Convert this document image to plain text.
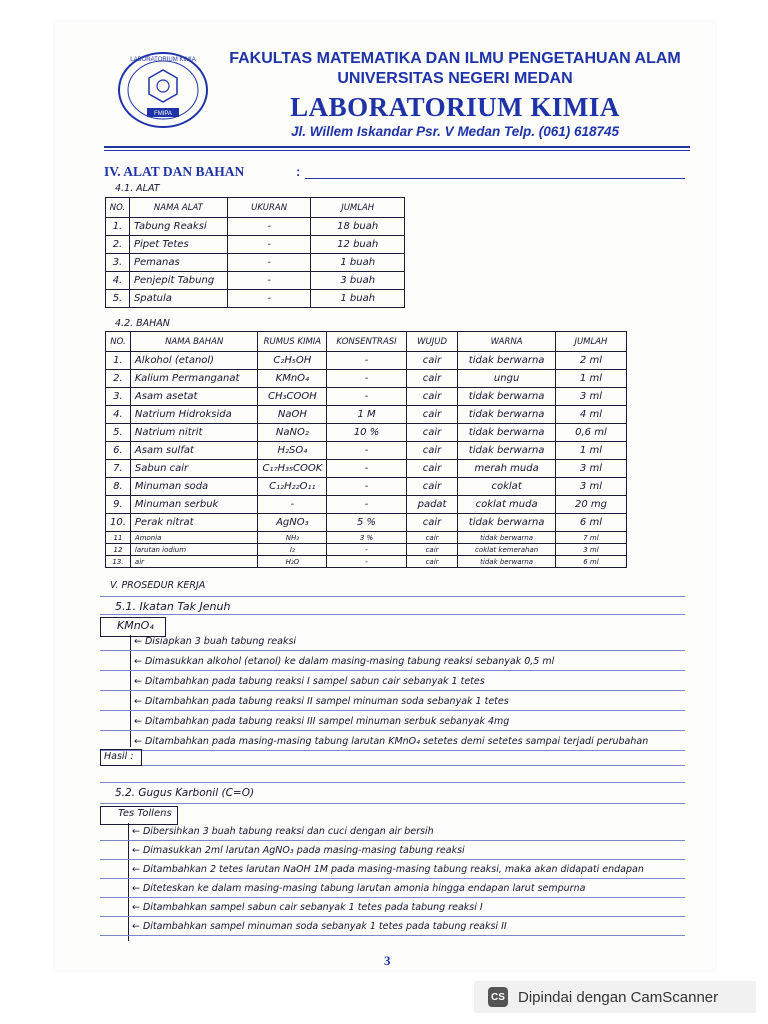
FMIPA
LABORATORIUM KIMIA	FAKULTAS MATEMATIKA DAN ILMU PENGETAHUAN ALAM
UNIVERSITAS NEGERI MEDAN
LABORATORIUM KIMIA
Jl. Willem Iskandar Psr. V Medan Telp. (061) 618745
IV. ALAT DAN BAHAN	:
4.1. ALAT
NO.	NAMA ALAT	UKURAN	JUMLAH
1.	Tabung Reaksi	-	18 buah
2.	Pipet Tetes	-	12 buah
3.	Pemanas	-	1 buah
4.	Penjepit Tabung	-	3 buah
5.	Spatula	-	1 buah
4.2. BAHAN
NO.	NAMA BAHAN	RUMUS KIMIA	KONSENTRASI	WUJUD	WARNA	JUMLAH
1.	Alkohol (etanol)	C₂H₅OH	-	cair	tidak berwarna	2 ml
2.	Kalium Permanganat	KMnO₄	-	cair	ungu	1 ml
3.	Asam asetat	CH₃COOH	-	cair	tidak berwarna	3 ml
4.	Natrium Hidroksida	NaOH	1 M	cair	tidak berwarna	4 ml
5.	Natrium nitrit	NaNO₂	10 %	cair	tidak berwarna	0,6 ml
6.	Asam sulfat	H₂SO₄	-	cair	tidak berwarna	1 ml
7.	Sabun cair	C₁₇H₃₅COOK	-	cair	merah muda	3 ml
8.	Minuman soda	C₁₂H₂₂O₁₁	-	cair	coklat	3 ml
9.	Minuman serbuk	-	-	padat	coklat muda	20 mg
10.	Perak nitrat	AgNO₃	5 %	cair	tidak berwarna	6 ml
11	Amonia	NH₃	3 %	cair	tidak berwarna	7 ml
12	larutan iodium	I₂	-	cair	coklat kemerahan	3 ml
13.	air	H₂O	-	cair	tidak berwarna	6 ml
V. PROSEDUR KERJA
5.1. Ikatan Tak Jenuh
KMnO₄
← Disiapkan 3 buah tabung reaksi
← Dimasukkan alkohol (etanol) ke dalam masing-masing tabung reaksi sebanyak 0,5 ml
← Ditambahkan pada tabung reaksi I sampel sabun cair sebanyak 1 tetes
← Ditambahkan pada tabung reaksi II sampel minuman soda sebanyak 1 tetes
← Ditambahkan pada tabung reaksi III sampel minuman serbuk sebanyak 4mg
← Ditambahkan pada masing-masing tabung larutan KMnO₄ setetes demi setetes sampai terjadi perubahan
Hasil :
5.2. Gugus Karbonil (C=O)
Tes Tollens
← Dibersihkan 3 buah tabung reaksi dan cuci dengan air bersih
← Dimasukkan 2ml larutan AgNO₃ pada masing-masing tabung reaksi
← Ditambahkan 2 tetes larutan NaOH 1M pada masing-masing tabung reaksi, maka akan didapati endapan
← Diteteskan ke dalam masing-masing tabung larutan amonia hingga endapan larut sempurna
← Ditambahkan sampel sabun cair sebanyak 1 tetes pada tabung reaksi I
← Ditambahkan sampel minuman soda sebanyak 1 tetes pada tabung reaksi II
3
CS Dipindai dengan CamScanner
